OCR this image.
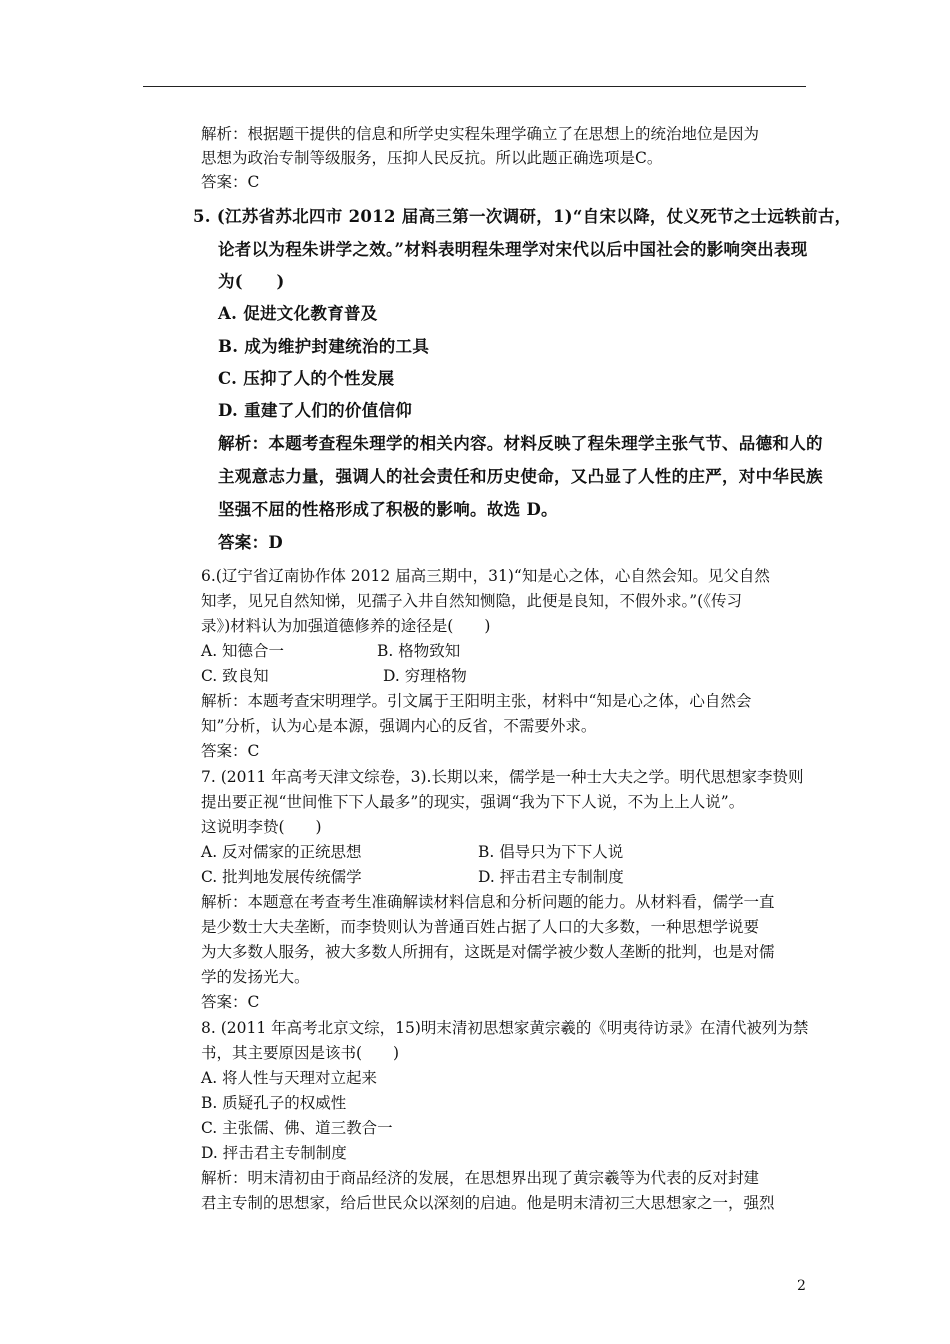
解析：根据题干提供的信息和所学史实程朱理学确立了在思想上的统治地位是因为
思想为政治专制等级服务，压抑人民反抗。所以此题正确选项是C。
答案：C
5. (江苏省苏北四市 2012 届高三第一次调研，1)“自宋以降，仗义死节之士远轶前古，
论者以为程朱讲学之效。”材料表明程朱理学对宋代以后中国社会的影响突出表现
为(　　)
A. 促进文化教育普及
B. 成为维护封建统治的工具
C. 压抑了人的个性发展
D. 重建了人们的价值信仰
解析：本题考查程朱理学的相关内容。材料反映了程朱理学主张气节、品德和人的
主观意志力量，强调人的社会责任和历史使命，又凸显了人性的庄严，对中华民族
坚强不屈的性格形成了积极的影响。故选 D。
答案：D
6.(辽宁省辽南协作体 2012 届高三期中，31)“知是心之体，心自然会知。见父自然
知孝，见兄自然知悌，见孺子入井自然知恻隐，此便是良知，不假外求。”(《传习
录》)材料认为加强道德修养的途径是(　　)
A. 知德合一	B. 格物致知
C. 致良知	D. 穷理格物
解析：本题考查宋明理学。引文属于王阳明主张，材料中“知是心之体，心自然会
知”分析，认为心是本源，强调内心的反省，不需要外求。
答案：C
7. (2011 年高考天津文综卷，3).长期以来，儒学是一种士大夫之学。明代思想家李贽则
提出要正视“世间惟下下人最多”的现实，强调“我为下下人说，不为上上人说”。
这说明李贽(　　)
A. 反对儒家的正统思想	B. 倡导只为下下人说
C. 批判地发展传统儒学	D. 抨击君主专制制度
解析：本题意在考查考生准确解读材料信息和分析问题的能力。从材料看，儒学一直
是少数士大夫垄断，而李贽则认为普通百姓占据了人口的大多数，一种思想学说要
为大多数人服务，被大多数人所拥有，这既是对儒学被少数人垄断的批判，也是对儒
学的发扬光大。
答案：C
8. (2011 年高考北京文综，15)明末清初思想家黄宗羲的《明夷待访录》在清代被列为禁
书，其主要原因是该书(　　)
A. 将人性与天理对立起来
B. 质疑孔子的权威性
C. 主张儒、佛、道三教合一
D. 抨击君主专制制度
解析：明末清初由于商品经济的发展，在思想界出现了黄宗羲等为代表的反对封建
君主专制的思想家，给后世民众以深刻的启迪。他是明末清初三大思想家之一，强烈
2
